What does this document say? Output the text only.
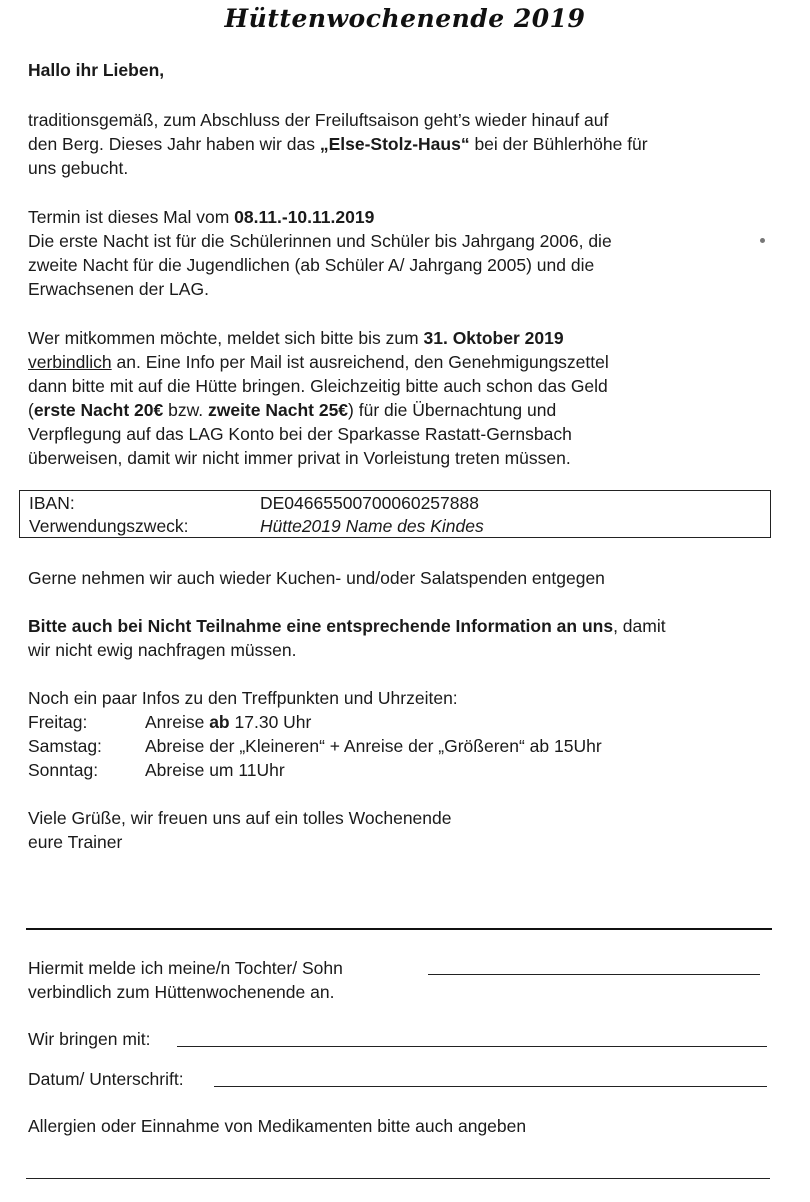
Hüttenwochenende 2019
Hallo ihr Lieben,
traditionsgemäß, zum Abschluss der Freiluftsaison geht’s wieder hinauf auf
den Berg. Dieses Jahr haben wir das „Else-Stolz-Haus“ bei der Bühlerhöhe für
uns gebucht.
Termin ist dieses Mal vom 08.11.-10.11.2019
Die erste Nacht ist für die Schülerinnen und Schüler bis Jahrgang 2006, die
zweite Nacht für die Jugendlichen (ab Schüler A/ Jahrgang 2005) und die
Erwachsenen der LAG.
Wer mitkommen möchte, meldet sich bitte bis zum 31. Oktober 2019
verbindlich an. Eine Info per Mail ist ausreichend, den Genehmigungszettel
dann bitte mit auf die Hütte bringen. Gleichzeitig bitte auch schon das Geld
(erste Nacht 20€ bzw. zweite Nacht 25€) für die Übernachtung und
Verpflegung auf das LAG Konto bei der Sparkasse Rastatt-Gernsbach
überweisen, damit wir nicht immer privat in Vorleistung treten müssen.
IBAN:	DE04665500700060257888
Verwendungszweck:	Hütte2019 Name des Kindes
Gerne nehmen wir auch wieder Kuchen- und/oder Salatspenden entgegen
Bitte auch bei Nicht Teilnahme eine entsprechende Information an uns, damit
wir nicht ewig nachfragen müssen.
Noch ein paar Infos zu den Treffpunkten und Uhrzeiten:
Freitag:	Anreise ab 17.30 Uhr
Samstag: Abreise der „Kleineren“ + Anreise der „Größeren“ ab 15Uhr
Sonntag:	Abreise um 11Uhr
Viele Grüße, wir freuen uns auf ein tolles Wochenende
eure Trainer
Hiermit melde ich meine/n Tochter/ Sohn
verbindlich zum Hüttenwochenende an.
Wir bringen mit:
Datum/ Unterschrift:
Allergien oder Einnahme von Medikamenten bitte auch angeben
